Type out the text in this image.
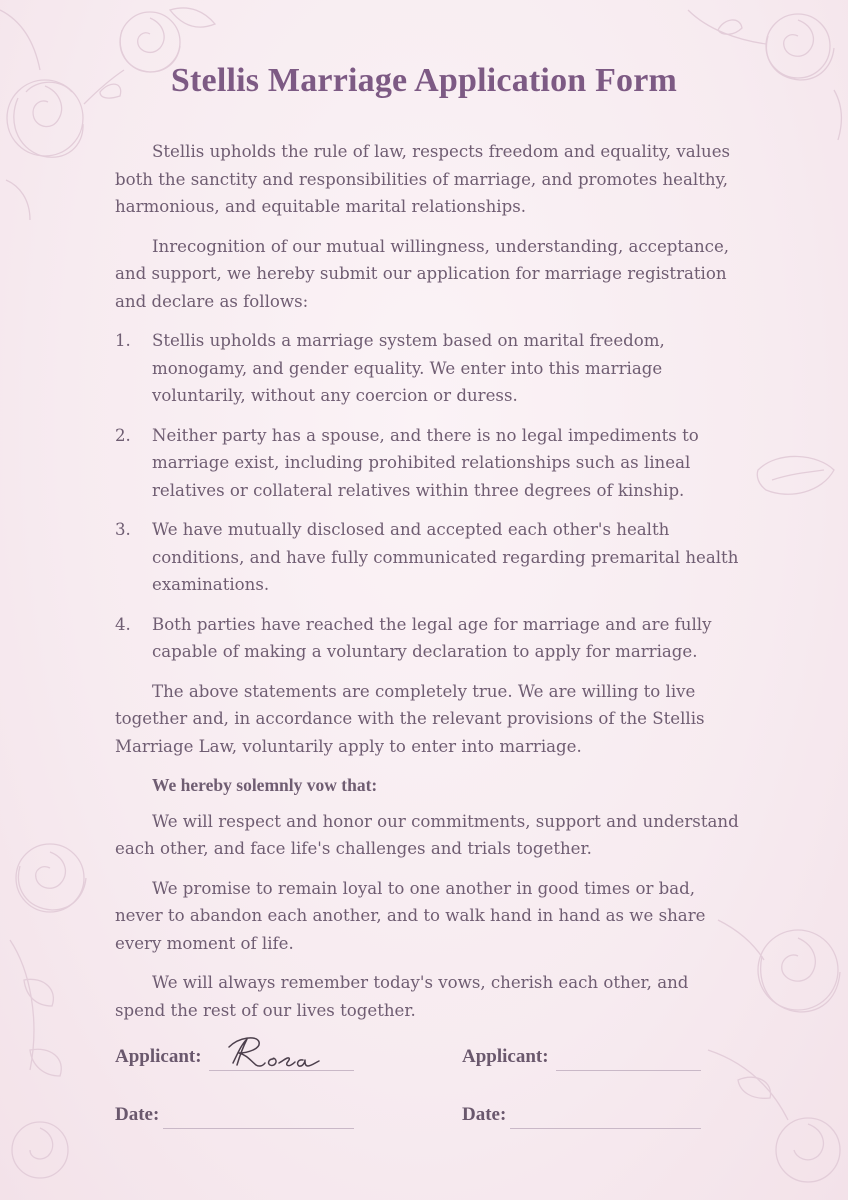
Stellis Marriage Application Form

Stellis upholds the rule of law, respects freedom and equality, values both the sanctity and responsibilities of marriage, and promotes healthy, harmonious, and equitable marital relationships.

Inrecognition of our mutual willingness, understanding, acceptance, and support, we hereby submit our application for marriage registration and declare as follows:

1. Stellis upholds a marriage system based on marital freedom, monogamy, and gender equality. We enter into this marriage voluntarily, without any coercion or duress.
2. Neither party has a spouse, and there is no legal impediments to marriage exist, including prohibited relationships such as lineal relatives or collateral relatives within three degrees of kinship.
3. We have mutually disclosed and accepted each other's health conditions, and have fully communicated regarding premarital health examinations.
4. Both parties have reached the legal age for marriage and are fully capable of making a voluntary declaration to apply for marriage.

The above statements are completely true. We are willing to live together and, in accordance with the relevant provisions of the Stellis Marriage Law, voluntarily apply to enter into marriage.

We hereby solemnly vow that:

We will respect and honor our commitments, support and understand each other, and face life's challenges and trials together.

We promise to remain loyal to one another in good times or bad, never to abandon each another, and to walk hand in hand as we share every moment of life.

We will always remember today's vows, cherish each other, and spend the rest of our lives together.

Applicant:	Applicant:
Date:	Date:
